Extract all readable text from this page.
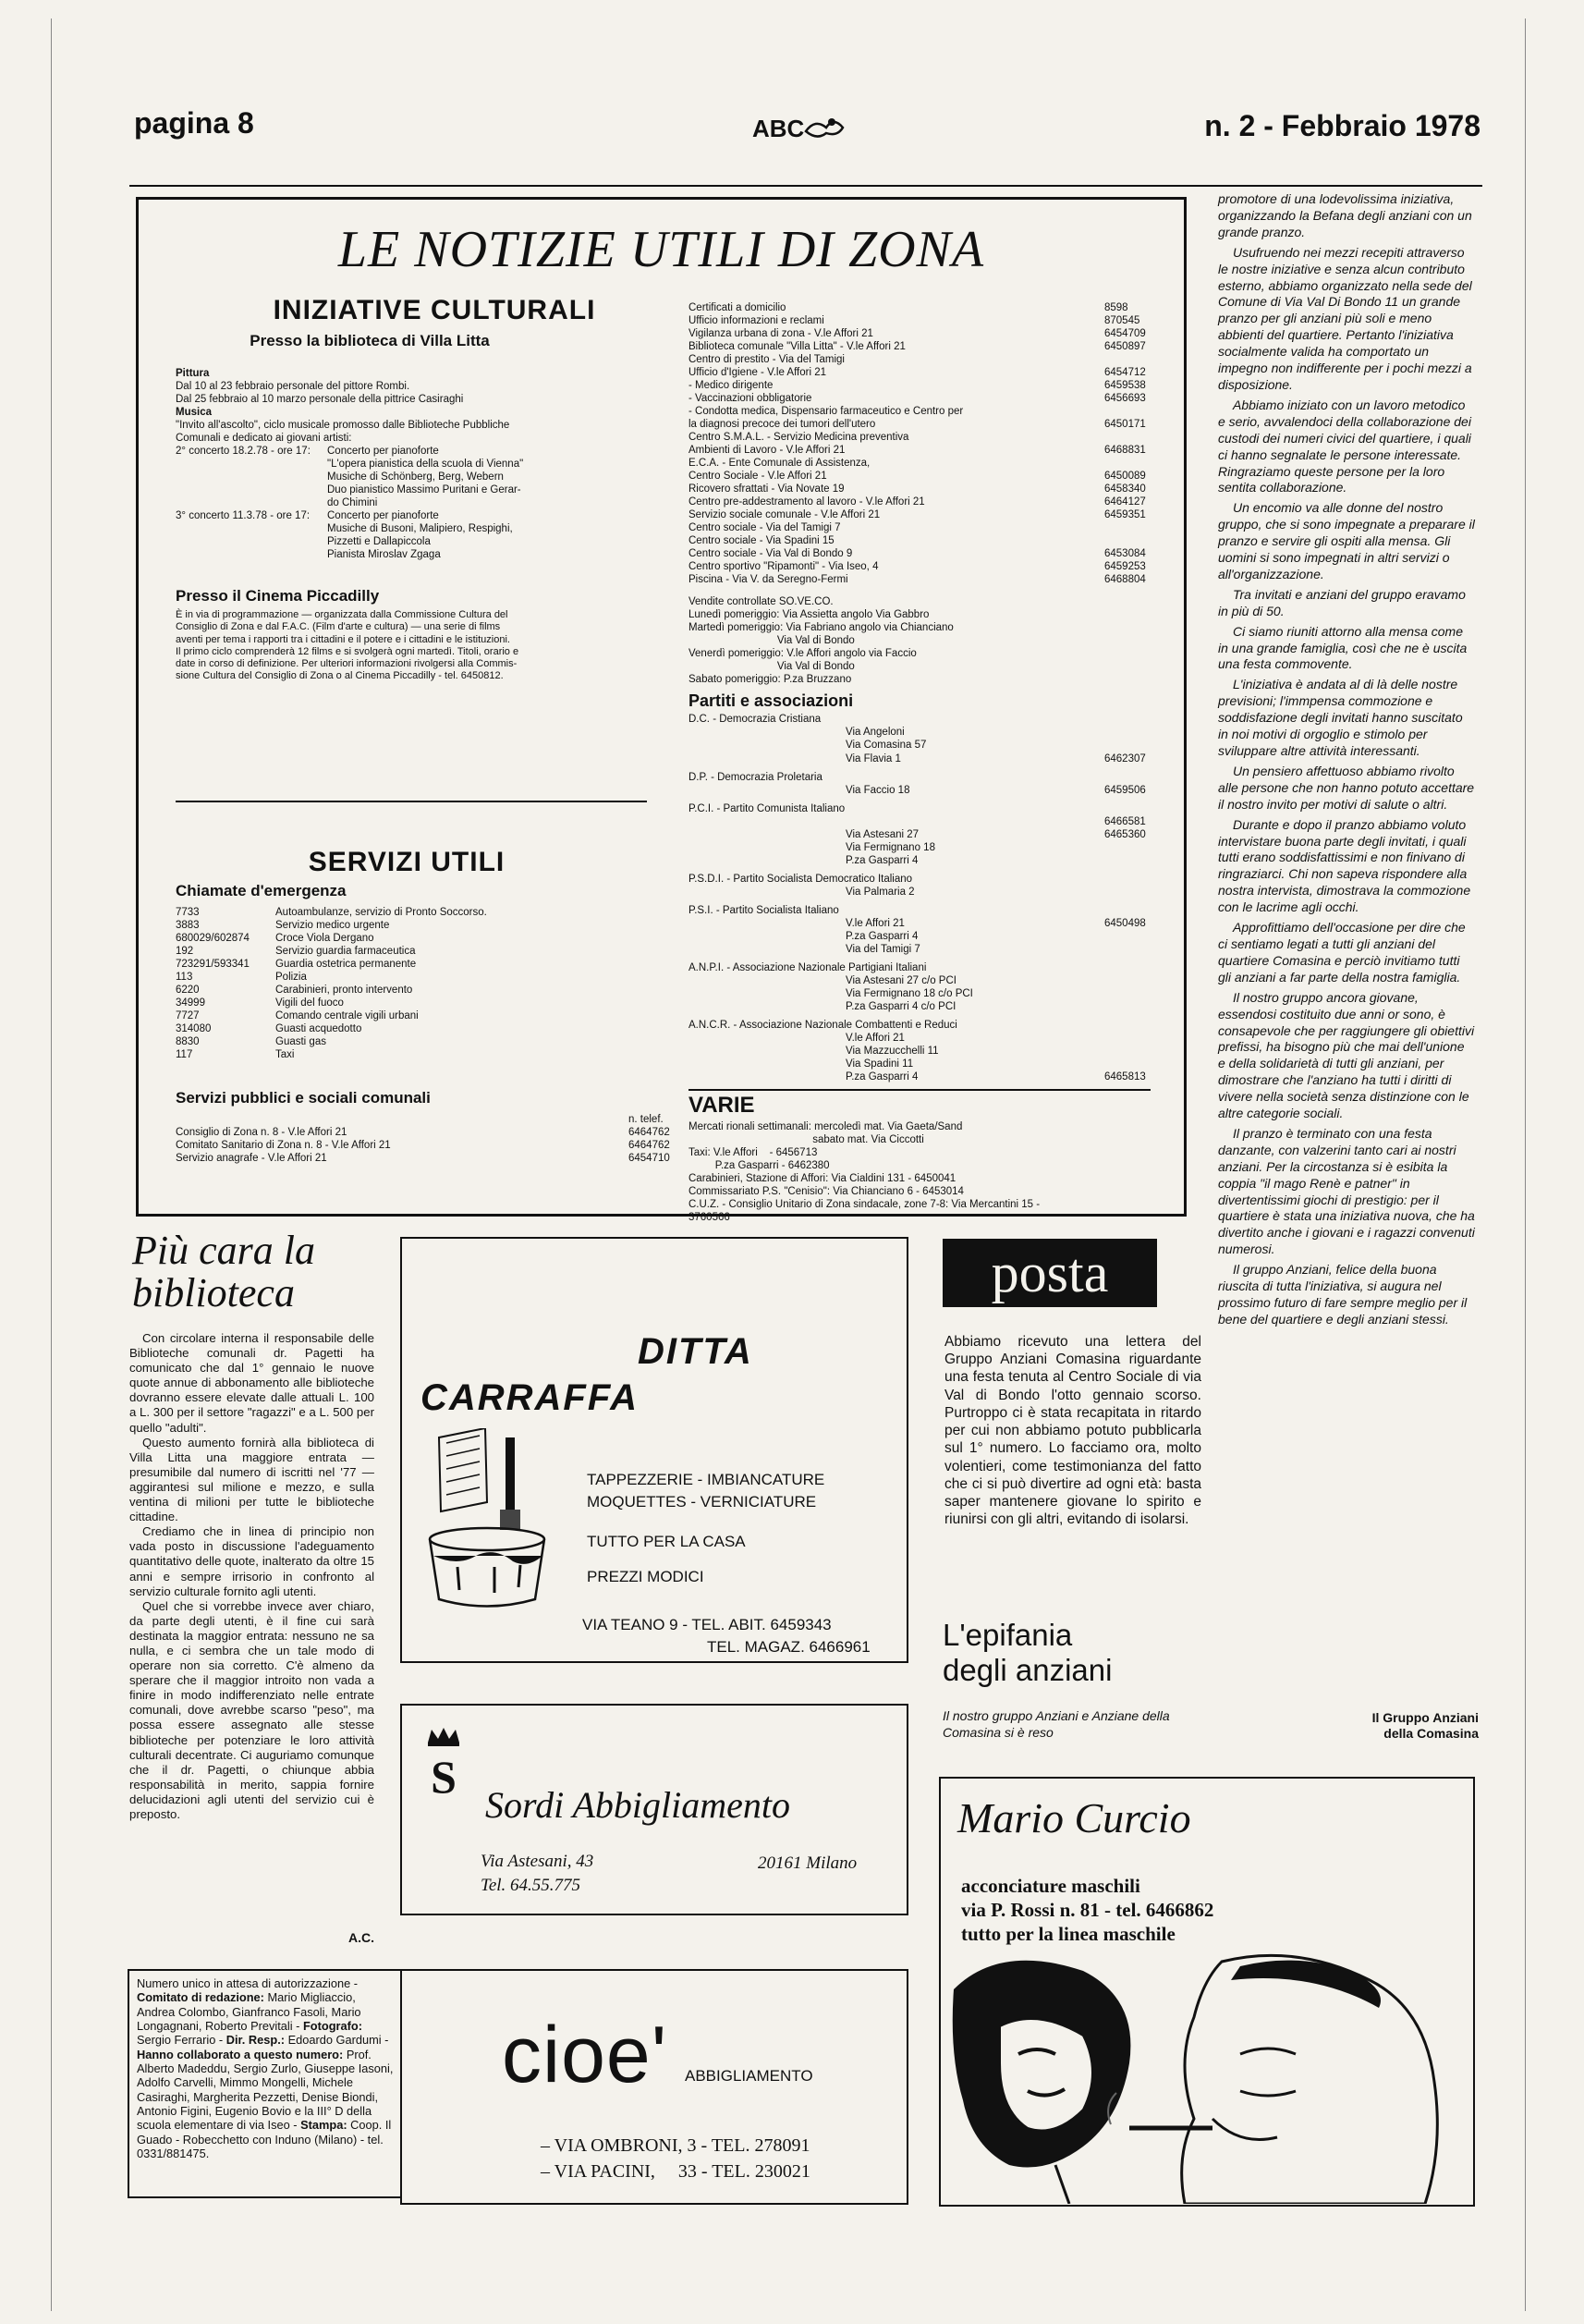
pagina 8	ABC	n. 2 - Febbraio 1978
LE NOTIZIE UTILI DI ZONA
INIZIATIVE CULTURALI
Presso la biblioteca di Villa Litta
Pittura
Dal 10 al 23 febbraio personale del pittore Rombi.
Dal 25 febbraio al 10 marzo personale della pittrice Casiraghi
Musica
"Invito all'ascolto", ciclo musicale promosso dalle Biblioteche Pubbliche
Comunali e dedicato ai giovani artisti:
2° concerto 18.2.78 - ore 17:	Concerto per pianoforte
"L'opera pianistica della scuola di Vienna"
Musiche di Schönberg, Berg, Webern
Duo pianistico Massimo Puritani e Gerar-
do Chimini
3° concerto 11.3.78 - ore 17:	Concerto per pianoforte
Musiche di Busoni, Malipiero, Respighi,
Pizzetti e Dallapiccola
Pianista Miroslav Zgaga
Presso il Cinema Piccadilly
È in via di programmazione — organizzata dalla Commissione Cultura del
Consiglio di Zona e dal F.A.C. (Film d'arte e cultura) — una serie di films
aventi per tema i rapporti tra i cittadini e il potere e i cittadini e le istituzioni.
Il primo ciclo comprenderà 12 films e si svolgerà ogni martedì. Titoli, orario e
date in corso di definizione. Per ulteriori informazioni rivolgersi alla Commis-
sione Cultura del Consiglio di Zona o al Cinema Piccadilly - tel. 6450812.
SERVIZI UTILI
Chiamate d'emergenza
7733	Autoambulanze, servizio di Pronto Soccorso.
3883	Servizio medico urgente
680029/602874	Croce Viola Dergano
192	Servizio guardia farmaceutica
723291/593341	Guardia ostetrica permanente
113	Polizia
6220	Carabinieri, pronto intervento
34999	Vigili del fuoco
7727	Comando centrale vigili urbani
314080	Guasti acquedotto
8830	Guasti gas
117	Taxi
Servizi pubblici e sociali comunali
n. telef.
Consiglio di Zona n. 8 - V.le Affori 21	6464762
Comitato Sanitario di Zona n. 8 - V.le Affori 21	6464762
Servizio anagrafe - V.le Affori 21	6454710
Certificati a domicilio	8598
Ufficio informazioni e reclami	870545
Vigilanza urbana di zona - V.le Affori 21	6454709
Biblioteca comunale "Villa Litta" - V.le Affori 21	6450897
Centro di prestito - Via del Tamigi
Ufficio d'Igiene - V.le Affori 21	6454712
- Medico dirigente	6459538
- Vaccinazioni obbligatorie	6456693
- Condotta medica, Dispensario farmaceutico e Centro per
la diagnosi precoce dei tumori dell'utero	6450171
Centro S.M.A.L. - Servizio Medicina preventiva
Ambienti di Lavoro - V.le Affori 21	6468831
E.C.A. - Ente Comunale di Assistenza,
Centro Sociale - V.le Affori 21	6450089
Ricovero sfrattati - Via Novate 19	6458340
Centro pre-addestramento al lavoro - V.le Affori 21	6464127
Servizio sociale comunale - V.le Affori 21	6459351
Centro sociale - Via del Tamigi 7
Centro sociale - Via Spadini 15
Centro sociale - Via Val di Bondo 9	6453084
Centro sportivo "Ripamonti" - Via Iseo, 4	6459253
Piscina - Via V. da Seregno-Fermi	6468804
Vendite controllate SO.VE.CO.
Lunedì pomeriggio: Via Assietta angolo Via Gabbro
Martedì pomeriggio: Via Fabriano angolo via Chianciano
Via Val di Bondo
Venerdì pomeriggio: V.le Affori angolo via Faccio
Via Val di Bondo
Sabato pomeriggio: P.za Bruzzano
Partiti e associazioni
D.C. - Democrazia Cristiana
Via Angeloni
Via Comasina 57
Via Flavia 1	6462307
D.P. - Democrazia Proletaria
Via Faccio 18	6459506
P.C.I. - Partito Comunista Italiano
6466581
Via Astesani 27	6465360
Via Fermignano 18
P.za Gasparri 4
P.S.D.I. - Partito Socialista Democratico Italiano
Via Palmaria 2
P.S.I. - Partito Socialista Italiano
V.le Affori 21	6450498
P.za Gasparri 4
Via del Tamigi 7
A.N.P.I. - Associazione Nazionale Partigiani Italiani
Via Astesani 27 c/o PCI
Via Fermignano 18 c/o PCI
P.za Gasparri 4 c/o PCI
A.N.C.R. - Associazione Nazionale Combattenti e Reduci
V.le Affori 21
Via Mazzucchelli 11
Via Spadini 11
P.za Gasparri 4	6465813
VARIE
Mercati rionali settimanali: mercoledì mat. Via Gaeta/Sand
sabato mat. Via Ciccotti
Taxi: V.le Affori    - 6456713
P.za Gasparri - 6462380
Carabinieri, Stazione di Affori: Via Cialdini 131 - 6450041
Commissariato P.S. "Cenisio": Via Chianciano 6 - 6453014
C.U.Z. - Consiglio Unitario di Zona sindacale, zone 7-8: Via Mercantini 15 -
3760566

promotore di una lodevolissima iniziativa, organizzando la Befana degli anziani con un grande pranzo.

Usufruendo nei mezzi recepiti attraverso le nostre iniziative e senza alcun contributo esterno, abbiamo organizzato nella sede del Comune di Via Val Di Bondo 11 un grande pranzo per gli anziani più soli e meno abbienti del quartiere. Pertanto l'iniziativa socialmente valida ha comportato un impegno non indifferente per i pochi mezzi a disposizione.

Abbiamo iniziato con un lavoro metodico e serio, avvalendoci della collaborazione dei custodi dei numeri civici del quartiere, i quali ci hanno segnalate le persone interessate. Ringraziamo queste persone per la loro sentita collaborazione.

Un encomio va alle donne del nostro gruppo, che si sono impegnate a preparare il pranzo e servire gli ospiti alla mensa. Gli uomini si sono impegnati in altri servizi o all'organizzazione.

Tra invitati e anziani del gruppo eravamo in più di 50.

Ci siamo riuniti attorno alla mensa come in una grande famiglia, così che ne è uscita una festa commovente.

L'iniziativa è andata al di là delle nostre previsioni; l'immpensa commozione e soddisfazione degli invitati hanno suscitato in noi motivi di orgoglio e stimolo per sviluppare altre attività interessanti.

Un pensiero affettuoso abbiamo rivolto alle persone che non hanno potuto accettare il nostro invito per motivi di salute o altri.

Durante e dopo il pranzo abbiamo voluto intervistare buona parte degli invitati, i quali tutti erano soddisfattissimi e non finivano di ringraziarci. Chi non sapeva rispondere alla nostra intervista, dimostrava la commozione con le lacrime agli occhi.

Approfittiamo dell'occasione per dire che ci sentiamo legati a tutti gli anziani del quartiere Comasina e perciò invitiamo tutti gli anziani a far parte della nostra famiglia.

Il nostro gruppo ancora giovane, essendosi costituito due anni or sono, è consapevole che per raggiungere gli obiettivi prefissi, ha bisogno più che mai dell'unione e della solidarietà di tutti gli anziani, per dimostrare che l'anziano ha tutti i diritti di vivere nella società senza distinzione con le altre categorie sociali.

Il pranzo è terminato con una festa danzante, con valzerini tanto cari ai nostri anziani. Per la circostanza si è esibita la coppia "il mago Renè e patner" in divertentissimi giochi di prestigio: per il quartiere è stata una iniziativa nuova, che ha divertito anche i giovani e i ragazzi convenuti numerosi.

Il gruppo Anziani, felice della buona riuscita di tutta l'iniziativa, si augura nel prossimo futuro di fare sempre meglio per il bene del quartiere e degli anziani stessi.

Più cara la
biblioteca

Con circolare interna il responsabile delle Biblioteche comunali dr. Pagetti ha comunicato che dal 1° gennaio le nuove quote annue di abbonamento alle biblioteche dovranno essere elevate dalle attuali L. 100 a L. 300 per il settore "ragazzi" e a L. 500 per quello "adulti".

Questo aumento fornirà alla biblioteca di Villa Litta una maggiore entrata — presumibile dal numero di iscritti nel '77 — aggirantesi sul milione e mezzo, e sulla ventina di milioni per tutte le biblioteche cittadine.

Crediamo che in linea di principio non vada posto in discussione l'adeguamento quantitativo delle quote, inalterato da oltre 15 anni e sempre irrisorio in confronto al servizio culturale fornito agli utenti.

Quel che si vorrebbe invece aver chiaro, da parte degli utenti, è il fine cui sarà destinata la maggior entrata: nessuno ne sa nulla, e ci sembra che un tale modo di operare non sia corretto. C'è almeno da sperare che il maggior introito non vada a finire in modo indifferenziato nelle entrate comunali, dove avrebbe scarso "peso", ma possa essere assegnato alle stesse biblioteche per potenziare le loro attività culturali decentrate. Ci auguriamo comunque che il dr. Pagetti, o chiunque abbia responsabilità in merito, sappia fornire delucidazioni agli utenti del servizio cui è preposto.

A.C.
Numero unico in attesa di autorizzazione - Comitato di redazione: Mario Migliaccio, Andrea Colombo, Gianfranco Fasoli, Mario Longagnani, Roberto Previtali - Fotografo: Sergio Ferrario - Dir. Resp.: Edoardo Gardumi - Hanno collaborato a questo numero: Prof. Alberto Madeddu, Sergio Zurlo, Giuseppe Iasoni, Adolfo Carvelli, Mimmo Mongelli, Michele Casiraghi, Margherita Pezzetti, Denise Biondi, Antonio Figini, Eugenio Bovio e la III° D della scuola elementare di via Iseo - Stampa: Coop. Il Guado - Robecchetto con Induno (Milano) - tel. 0331/881475.
DITTA
CARRAFFA
TAPPEZZERIE - IMBIANCATURE
MOQUETTES - VERNICIATURE
TUTTO PER LA CASA
PREZZI MODICI
VIA TEANO 9 - TEL. ABIT. 6459343
TEL. MAGAZ. 6466961
S
Sordi Abbigliamento
Via Astesani, 43
Tel. 64.55.775
20161 Milano
cioe' ABBIGLIAMENTO
– VIA OMBRONI, 3 - TEL. 278091
– VIA PACINI,     33 - TEL. 230021
posta
Abbiamo ricevuto una lettera del Gruppo Anziani Comasina riguardante una festa tenuta al Centro Sociale di via Val di Bondo l'otto gennaio scorso. Purtroppo ci è stata recapitata in ritardo per cui non abbiamo potuto pubblicarla sul 1° numero. Lo facciamo ora, molto volentieri, come testimonianza del fatto che ci si può divertire ad ogni età: basta saper mantenere giovane lo spirito e riunirsi con gli altri, evitando di isolarsi.
L'epifania
degli anziani
Il nostro gruppo Anziani e Anziane della Comasina si è reso
Il Gruppo Anziani
della Comasina
Mario Curcio
acconciature maschili
via P. Rossi n. 81 - tel. 6466862
tutto per la linea maschile
